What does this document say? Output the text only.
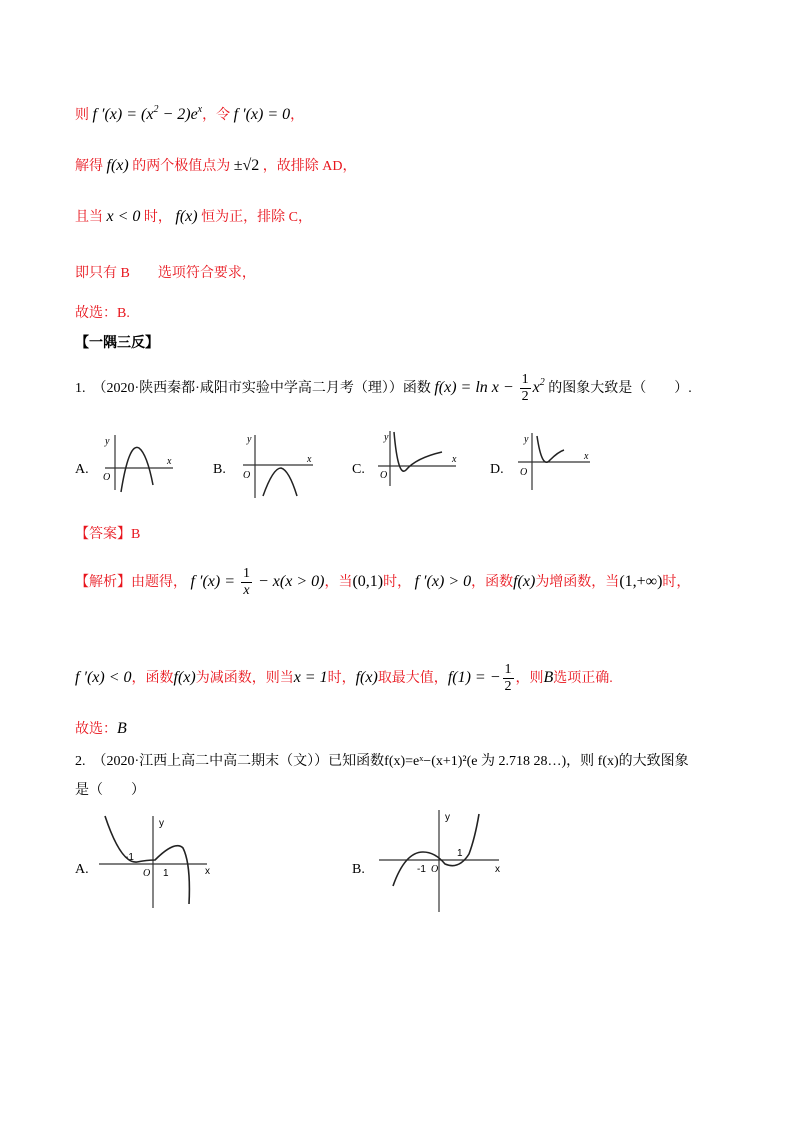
则 f $'(x) = (x^2 - 2)e^x$，令 f ′(x) = 0，
解得 f(x) 的两个极值点为 ±√2 ，故排除 AD，
且当 x < 0 时， f(x) 恒为正，排除 C，
即只有 B　　选项符合要求，
故选：B.
【一隅三反】
1.　（2020·陕西秦都·咸阳市实验中学高二月考（理））函数 $f(x) = \ln x - \frac{1}{2} x^2$ 的图象大致是（　　）.
A.
y
x
O
B.
y
x
O	C.
y
x
O	D.
y
x
O
【答案】B
【解析】由题得， f $'(x) = \frac{1}{x} - x(x > 0)$，当(0,1)时， f ′(x) > 0，函数f(x)为增函数，当(1,+∞)时，
f ′(x) < 0，函数f(x)为减函数，则当x = 1时，f(x)取最大值，f(1) = − $\frac{1}{2}$ ，则B选项正确.
故选：B
2.　（2020·江西上高二中高二期末（文））已知函数f(x)=eˣ−(x+1)²(e 为 2.718 28…)，则 f(x)的大致图象
是（　　）
A.
y
x
-1
O 1	B.
y
x
-1 O
1
